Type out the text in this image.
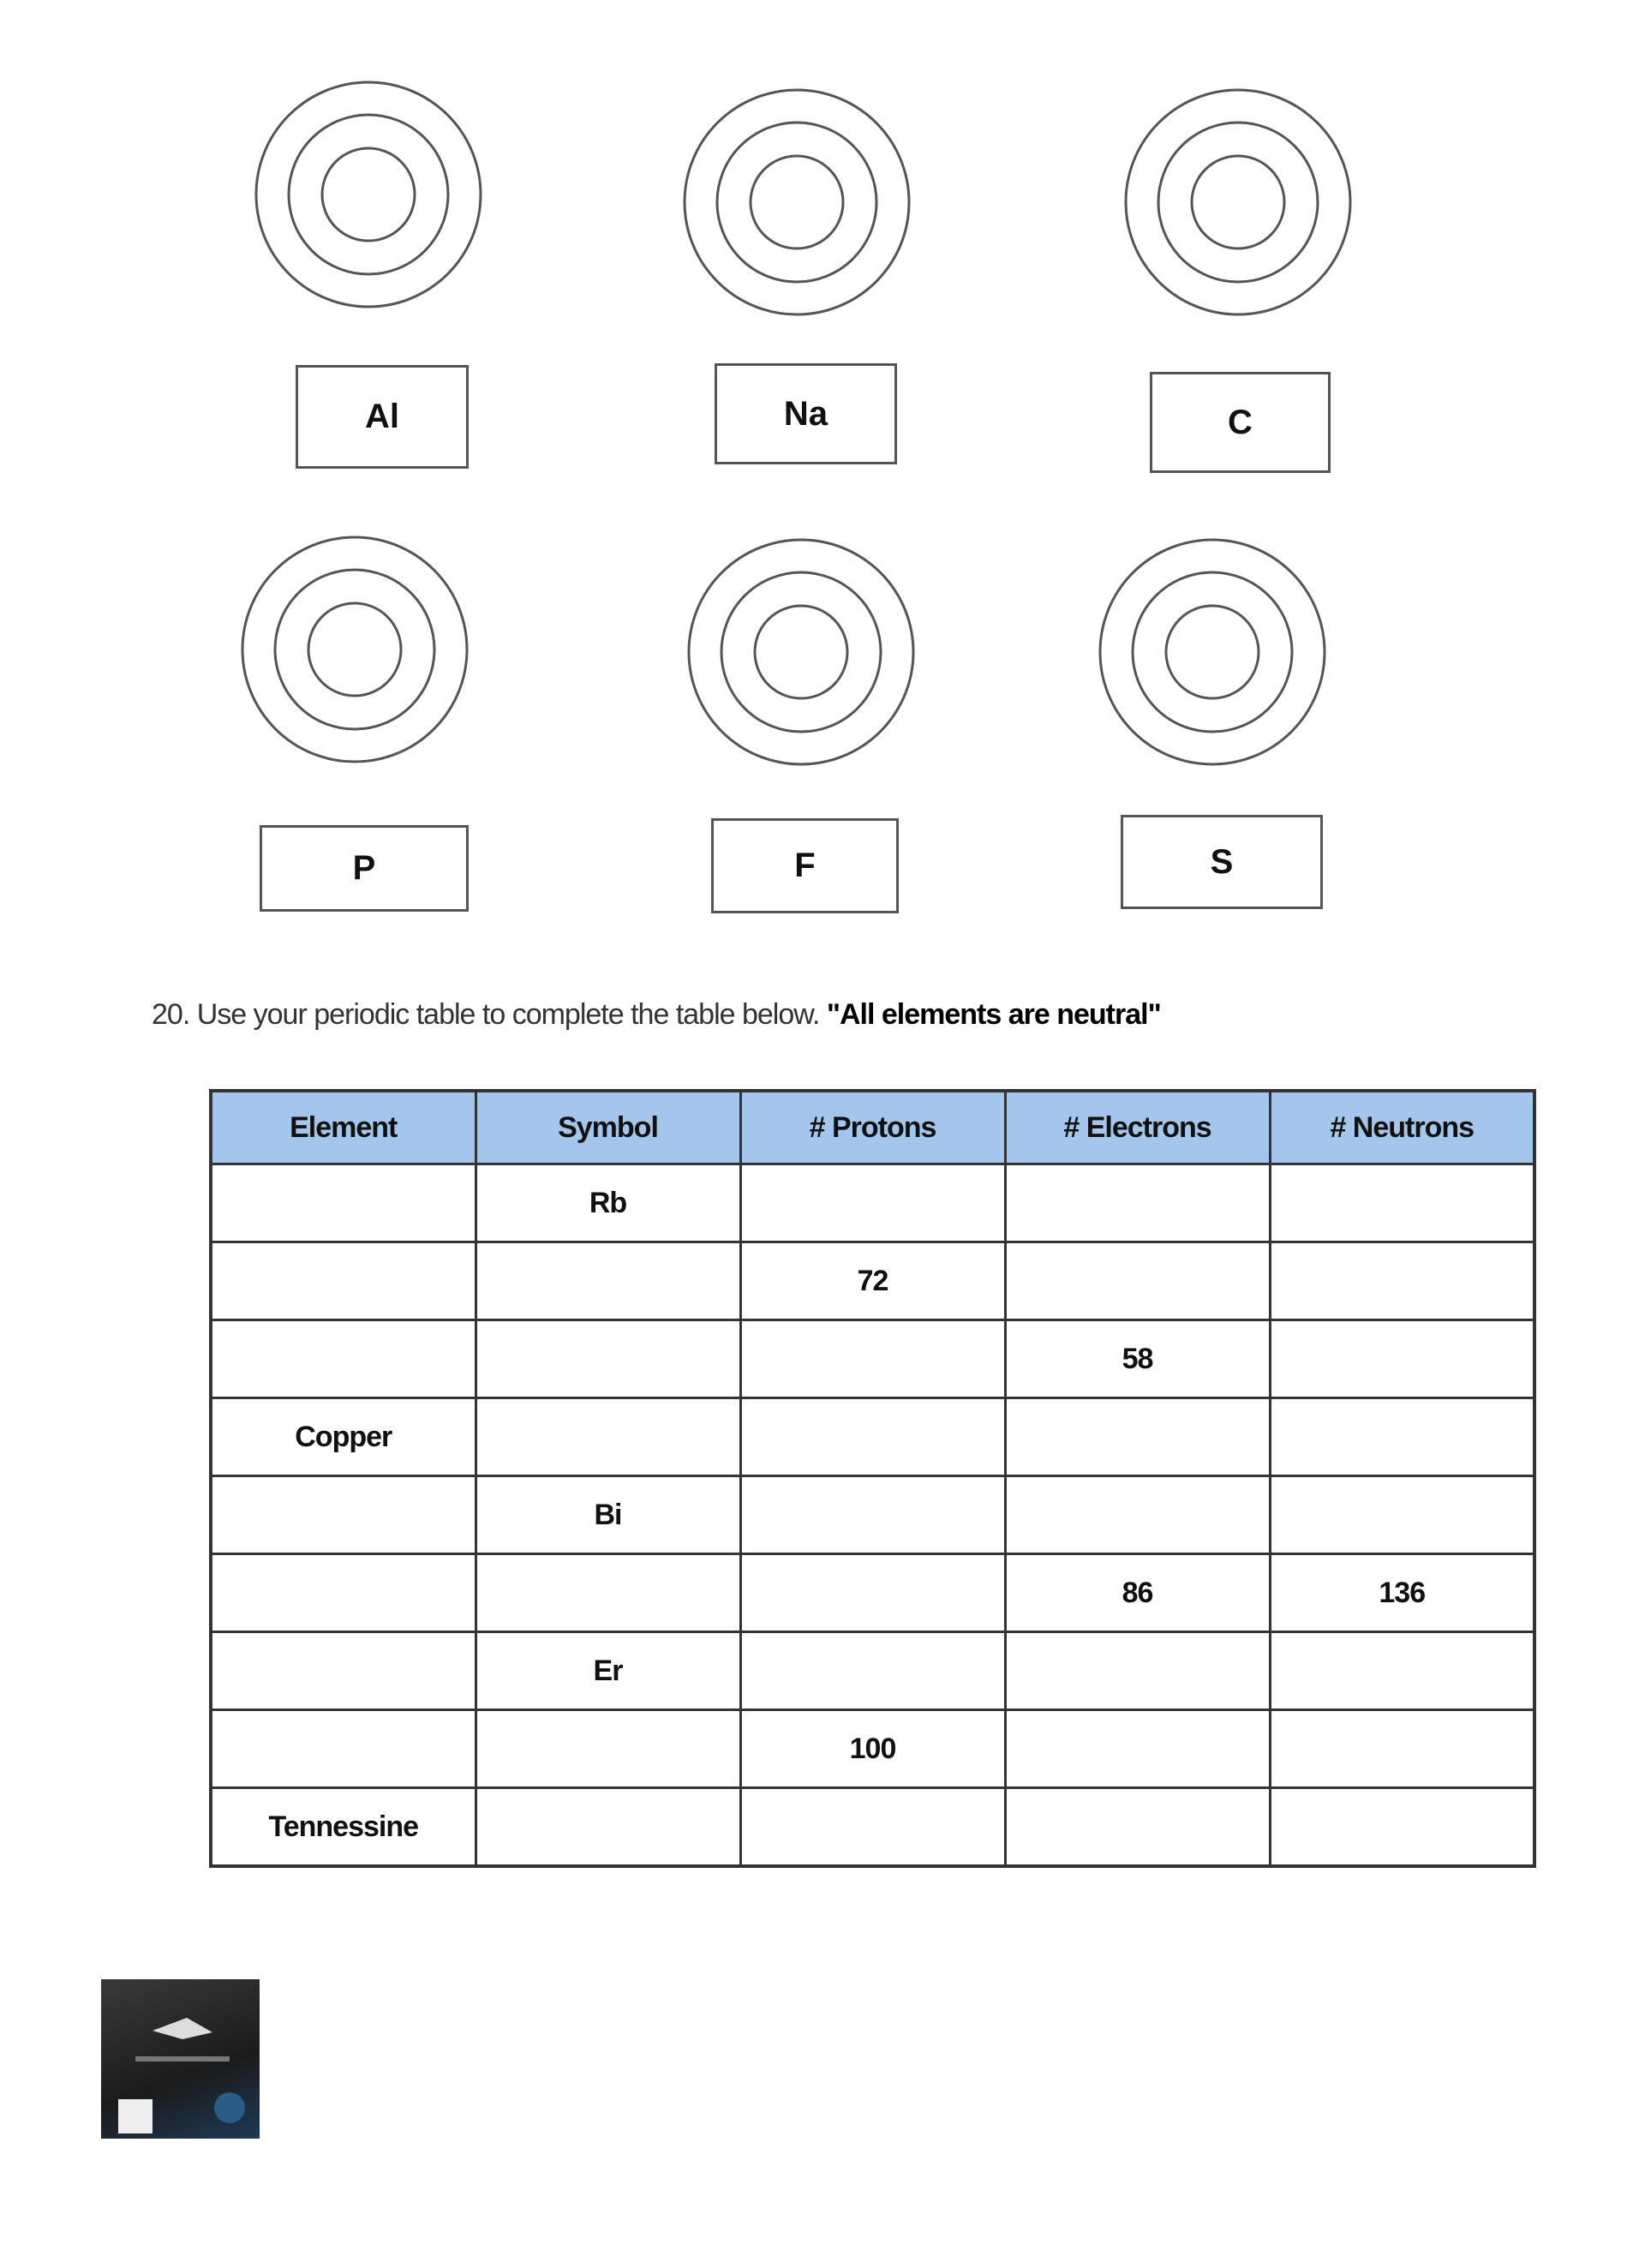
Al	Na	C
P	F	S
20. Use your periodic table to complete the table below. "All elements are neutral"
Element	Symbol	# Protons	# Electrons	# Neutrons
	Rb			
		72		
			58	
Copper				
	Bi			
			86	136
	Er			
		100		
Tennessine				
